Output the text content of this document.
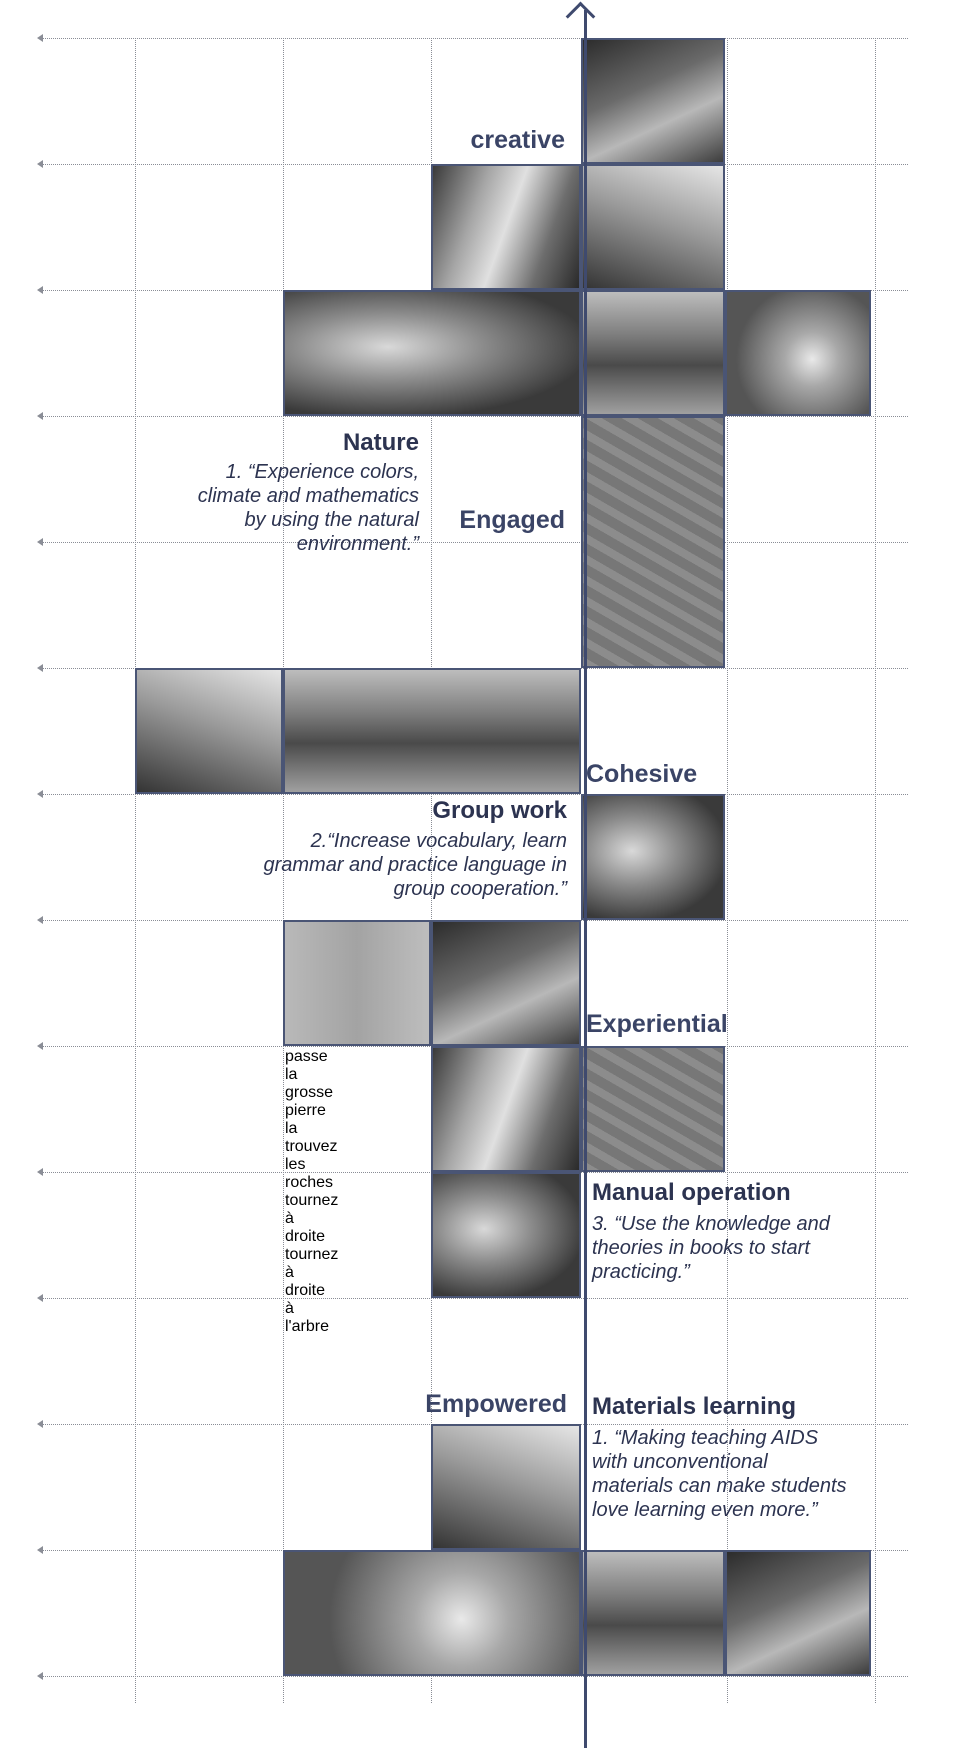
passe la grosse pierre
la trouvez les roches
tournez à droite
tournez à droite à l'arbre
creative
Engaged
Cohesive
Experiential
Empowered
Nature
1. “Experience colors,
climate and mathematics
by using the natural
environment.”
Group work
2.“Increase vocabulary, learn
grammar and practice language in
group cooperation.”
Manual operation
3. “Use the knowledge and
theories in books to start
practicing.”
Materials learning
1. “Making teaching AIDS
with unconventional
materials can make students
love learning even more.”
